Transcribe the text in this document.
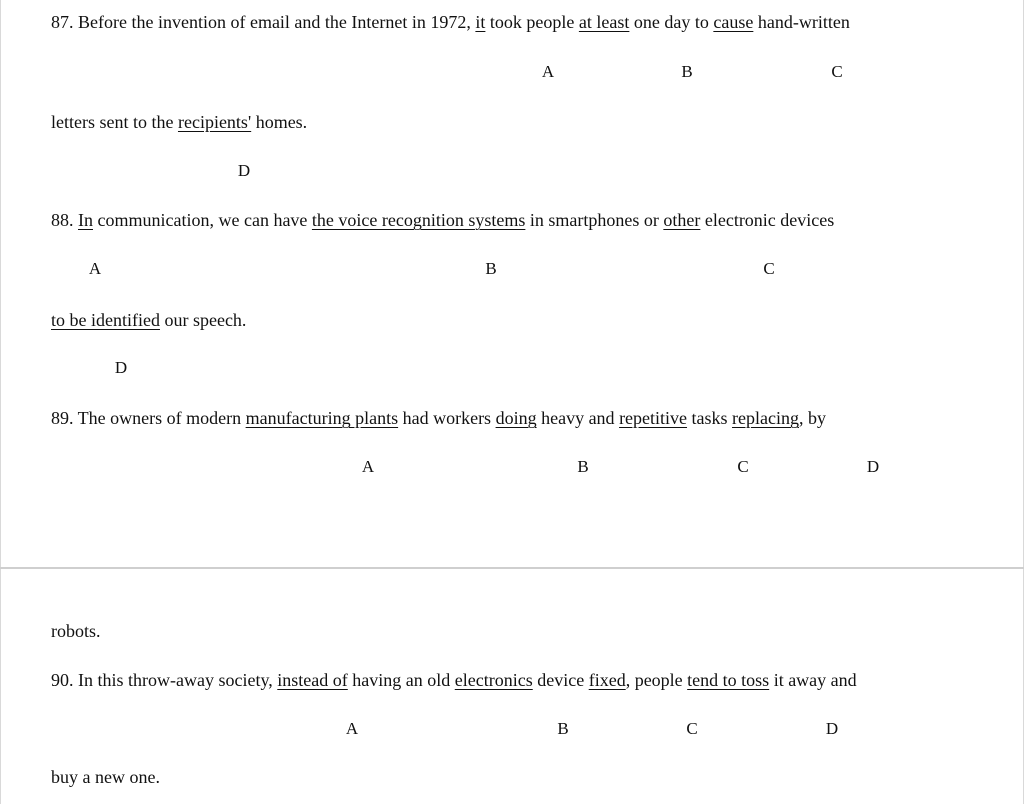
87. Before the invention of email and the Internet in 1972, it took people at least one day to cause hand-written
A	B	C
letters sent to the recipients' homes.
D
88. In communication, we can have the voice recognition systems in smartphones or other electronic devices
A	B	C
to be identified our speech.
D
89. The owners of modern manufacturing plants had workers doing heavy and repetitive tasks replacing, by
A	B	C	D
robots.
90. In this throw-away society, instead of having an old electronics device fixed, people tend to toss it away and
A	B	C	D
buy a new one.
